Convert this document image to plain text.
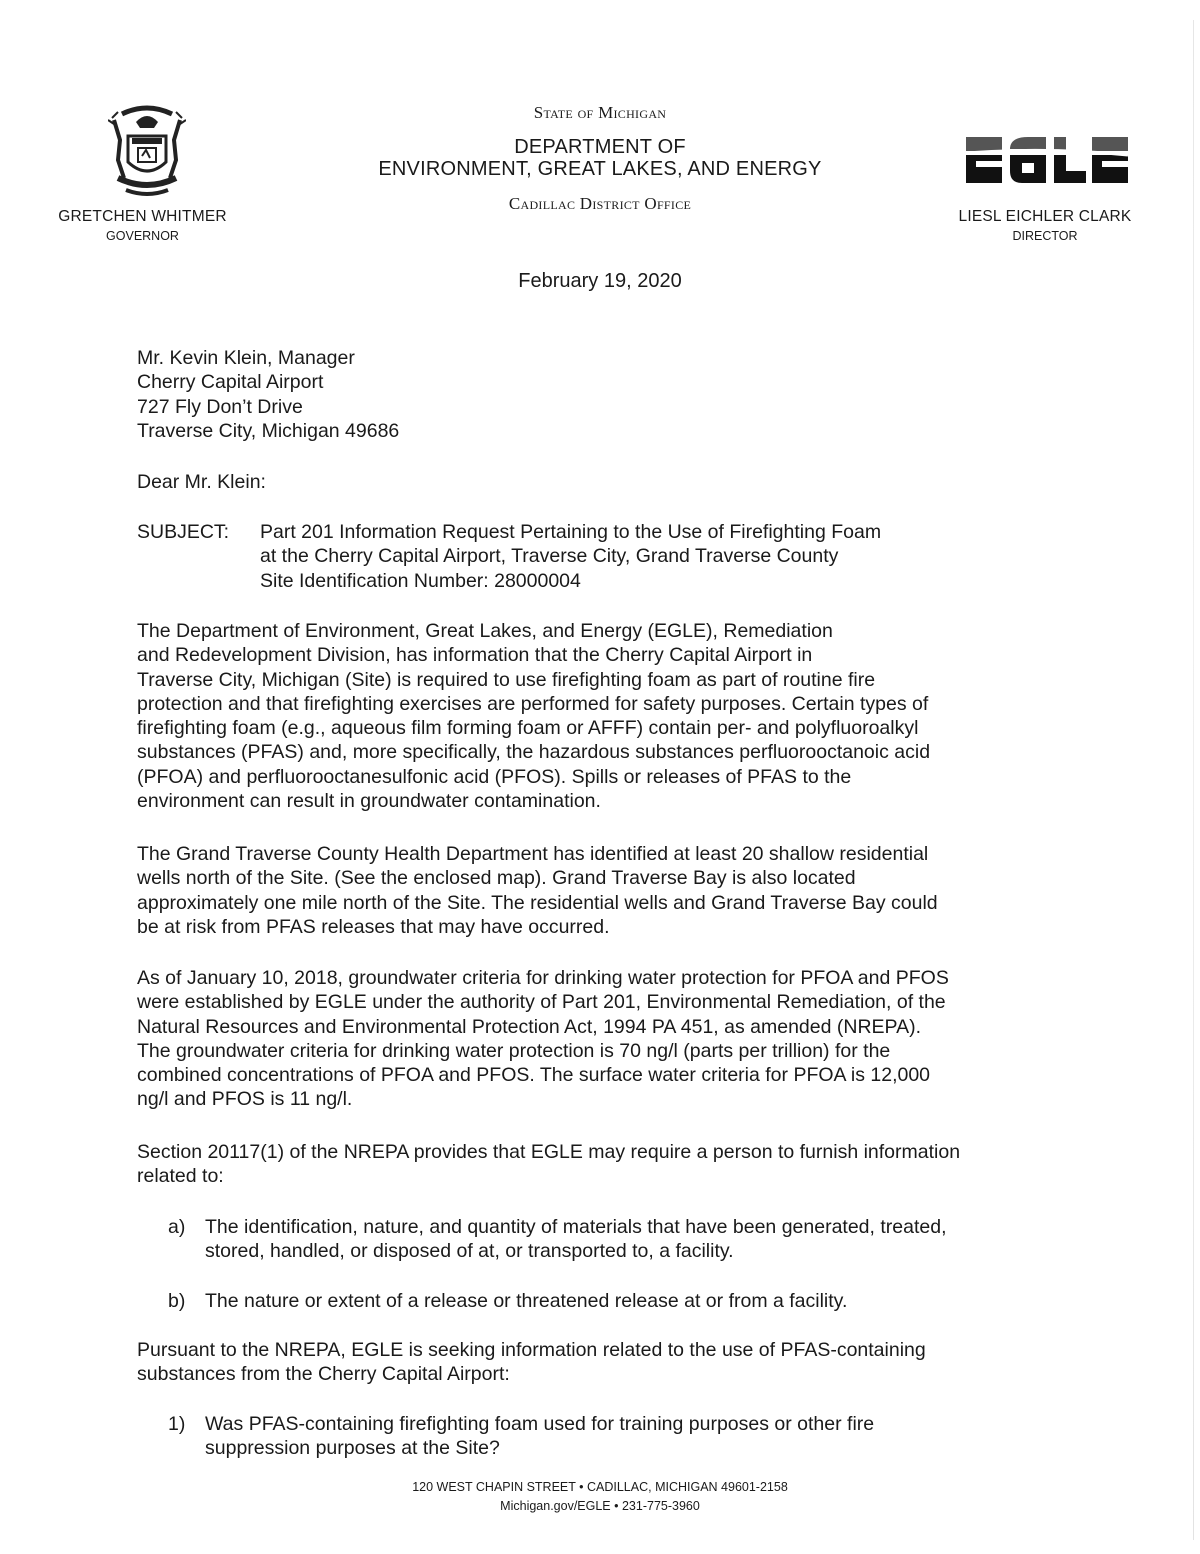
GRETCHEN WHITMER
GOVERNOR
State of Michigan
DEPARTMENT OF
ENVIRONMENT, GREAT LAKES, AND ENERGY
Cadillac District Office
LIESL EICHLER CLARK
DIRECTOR
February 19, 2020
Mr. Kevin Klein, Manager
Cherry Capital Airport
727 Fly Don’t Drive
Traverse City, Michigan 49686
Dear Mr. Klein:
SUBJECT: Part 201 Information Request Pertaining to the Use of Firefighting Foam
at the Cherry Capital Airport, Traverse City, Grand Traverse County
Site Identification Number: 28000004
The Department of Environment, Great Lakes, and Energy (EGLE), Remediation
and Redevelopment Division, has information that the Cherry Capital Airport in
Traverse City, Michigan (Site) is required to use firefighting foam as part of routine fire
protection and that firefighting exercises are performed for safety purposes. Certain types of
firefighting foam (e.g., aqueous film forming foam or AFFF) contain per- and polyfluoroalkyl
substances (PFAS) and, more specifically, the hazardous substances perfluorooctanoic acid
(PFOA) and perfluorooctanesulfonic acid (PFOS). Spills or releases of PFAS to the
environment can result in groundwater contamination.
The Grand Traverse County Health Department has identified at least 20 shallow residential
wells north of the Site. (See the enclosed map). Grand Traverse Bay is also located
approximately one mile north of the Site. The residential wells and Grand Traverse Bay could
be at risk from PFAS releases that may have occurred.
As of January 10, 2018, groundwater criteria for drinking water protection for PFOA and PFOS
were established by EGLE under the authority of Part 201, Environmental Remediation, of the
Natural Resources and Environmental Protection Act, 1994 PA 451, as amended (NREPA).
The groundwater criteria for drinking water protection is 70 ng/l (parts per trillion) for the
combined concentrations of PFOA and PFOS. The surface water criteria for PFOA is 12,000
ng/l and PFOS is 11 ng/l.
Section 20117(1) of the NREPA provides that EGLE may require a person to furnish information
related to:
a) The identification, nature, and quantity of materials that have been generated, treated,
stored, handled, or disposed of at, or transported to, a facility.
b) The nature or extent of a release or threatened release at or from a facility.
Pursuant to the NREPA, EGLE is seeking information related to the use of PFAS-containing
substances from the Cherry Capital Airport:
1) Was PFAS-containing firefighting foam used for training purposes or other fire
suppression purposes at the Site?
120 WEST CHAPIN STREET • CADILLAC, MICHIGAN 49601-2158
Michigan.gov/EGLE • 231-775-3960
